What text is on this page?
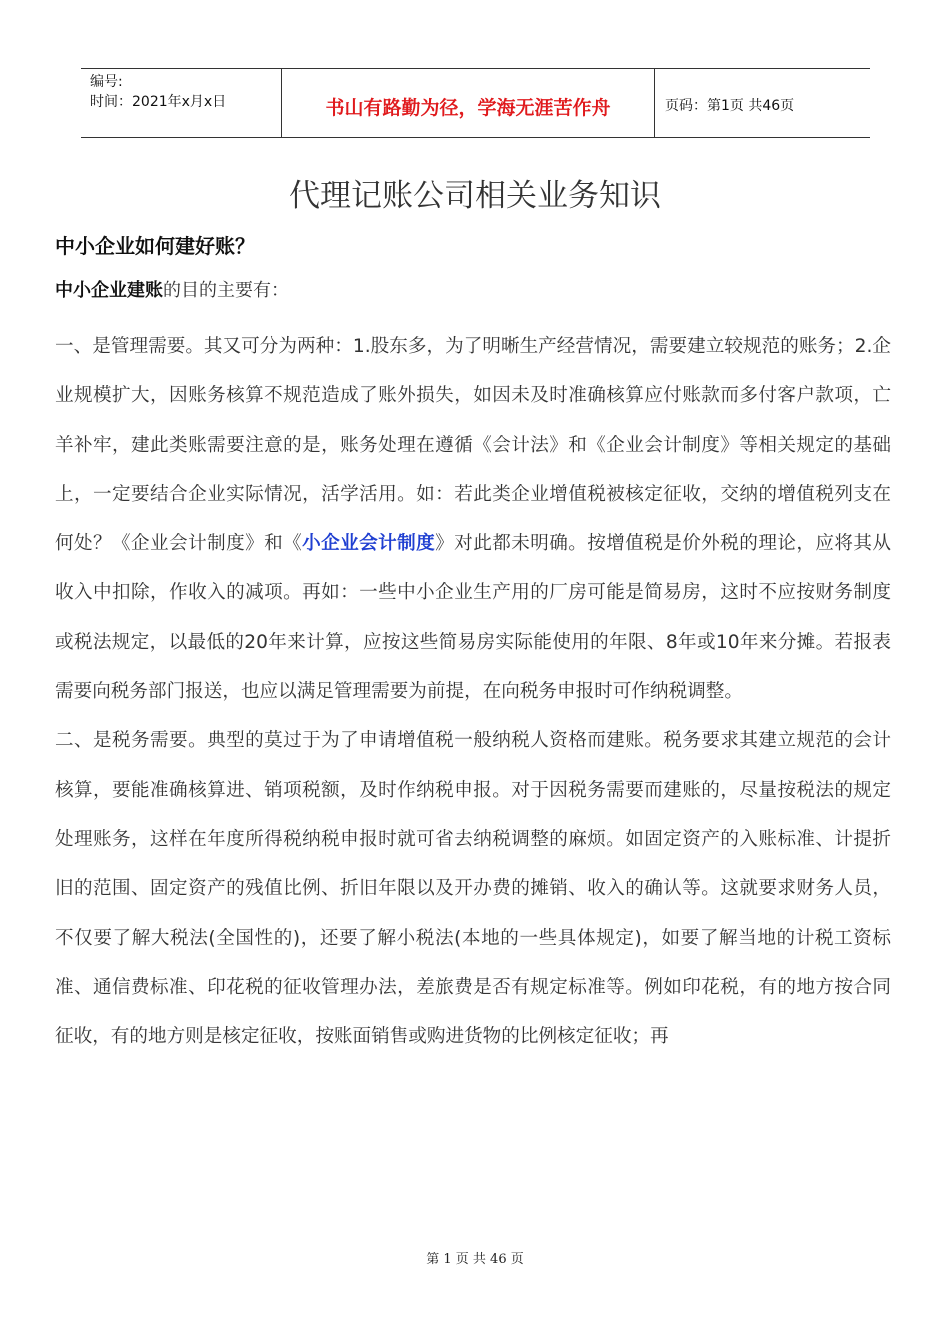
编号:
时间：2021年x月x日	书山有路勤为径，学海无涯苦作舟	页码：第1页 共46页
代理记账公司相关业务知识

中小企业如何建好账？

中小企业建账的目的主要有：

一、是管理需要。其又可分为两种：1.股东多，为了明晰生产经营情况，需要建立较规范的账务；2.企业规模扩大，因账务核算不规范造成了账外损失，如因未及时准确核算应付账款而多付客户款项，亡羊补牢，建此类账需要注意的是，账务处理在遵循《会计法》和《企业会计制度》等相关规定的基础上，一定要结合企业实际情况，活学活用。如：若此类企业增值税被核定征收，交纳的增值税列支在何处？《企业会计制度》和《小企业会计制度》对此都未明确。按增值税是价外税的理论，应将其从收入中扣除，作收入的减项。再如：一些中小企业生产用的厂房可能是简易房，这时不应按财务制度或税法规定，以最低的20年来计算，应按这些简易房实际能使用的年限、8年或10年来分摊。若报表需要向税务部门报送，也应以满足管理需要为前提，在向税务申报时可作纳税调整。

二、是税务需要。典型的莫过于为了申请增值税一般纳税人资格而建账。税务要求其建立规范的会计核算，要能准确核算进、销项税额，及时作纳税申报。对于因税务需要而建账的，尽量按税法的规定处理账务，这样在年度所得税纳税申报时就可省去纳税调整的麻烦。如固定资产的入账标准、计提折旧的范围、固定资产的残值比例、折旧年限以及开办费的摊销、收入的确认等。这就要求财务人员，不仅要了解大税法(全国性的)，还要了解小税法(本地的一些具体规定)，如要了解当地的计税工资标准、通信费标准、印花税的征收管理办法，差旅费是否有规定标准等。例如印花税，有的地方按合同征收，有的地方则是核定征收，按账面销售或购进货物的比例核定征收；再

第 1 页 共 46 页
